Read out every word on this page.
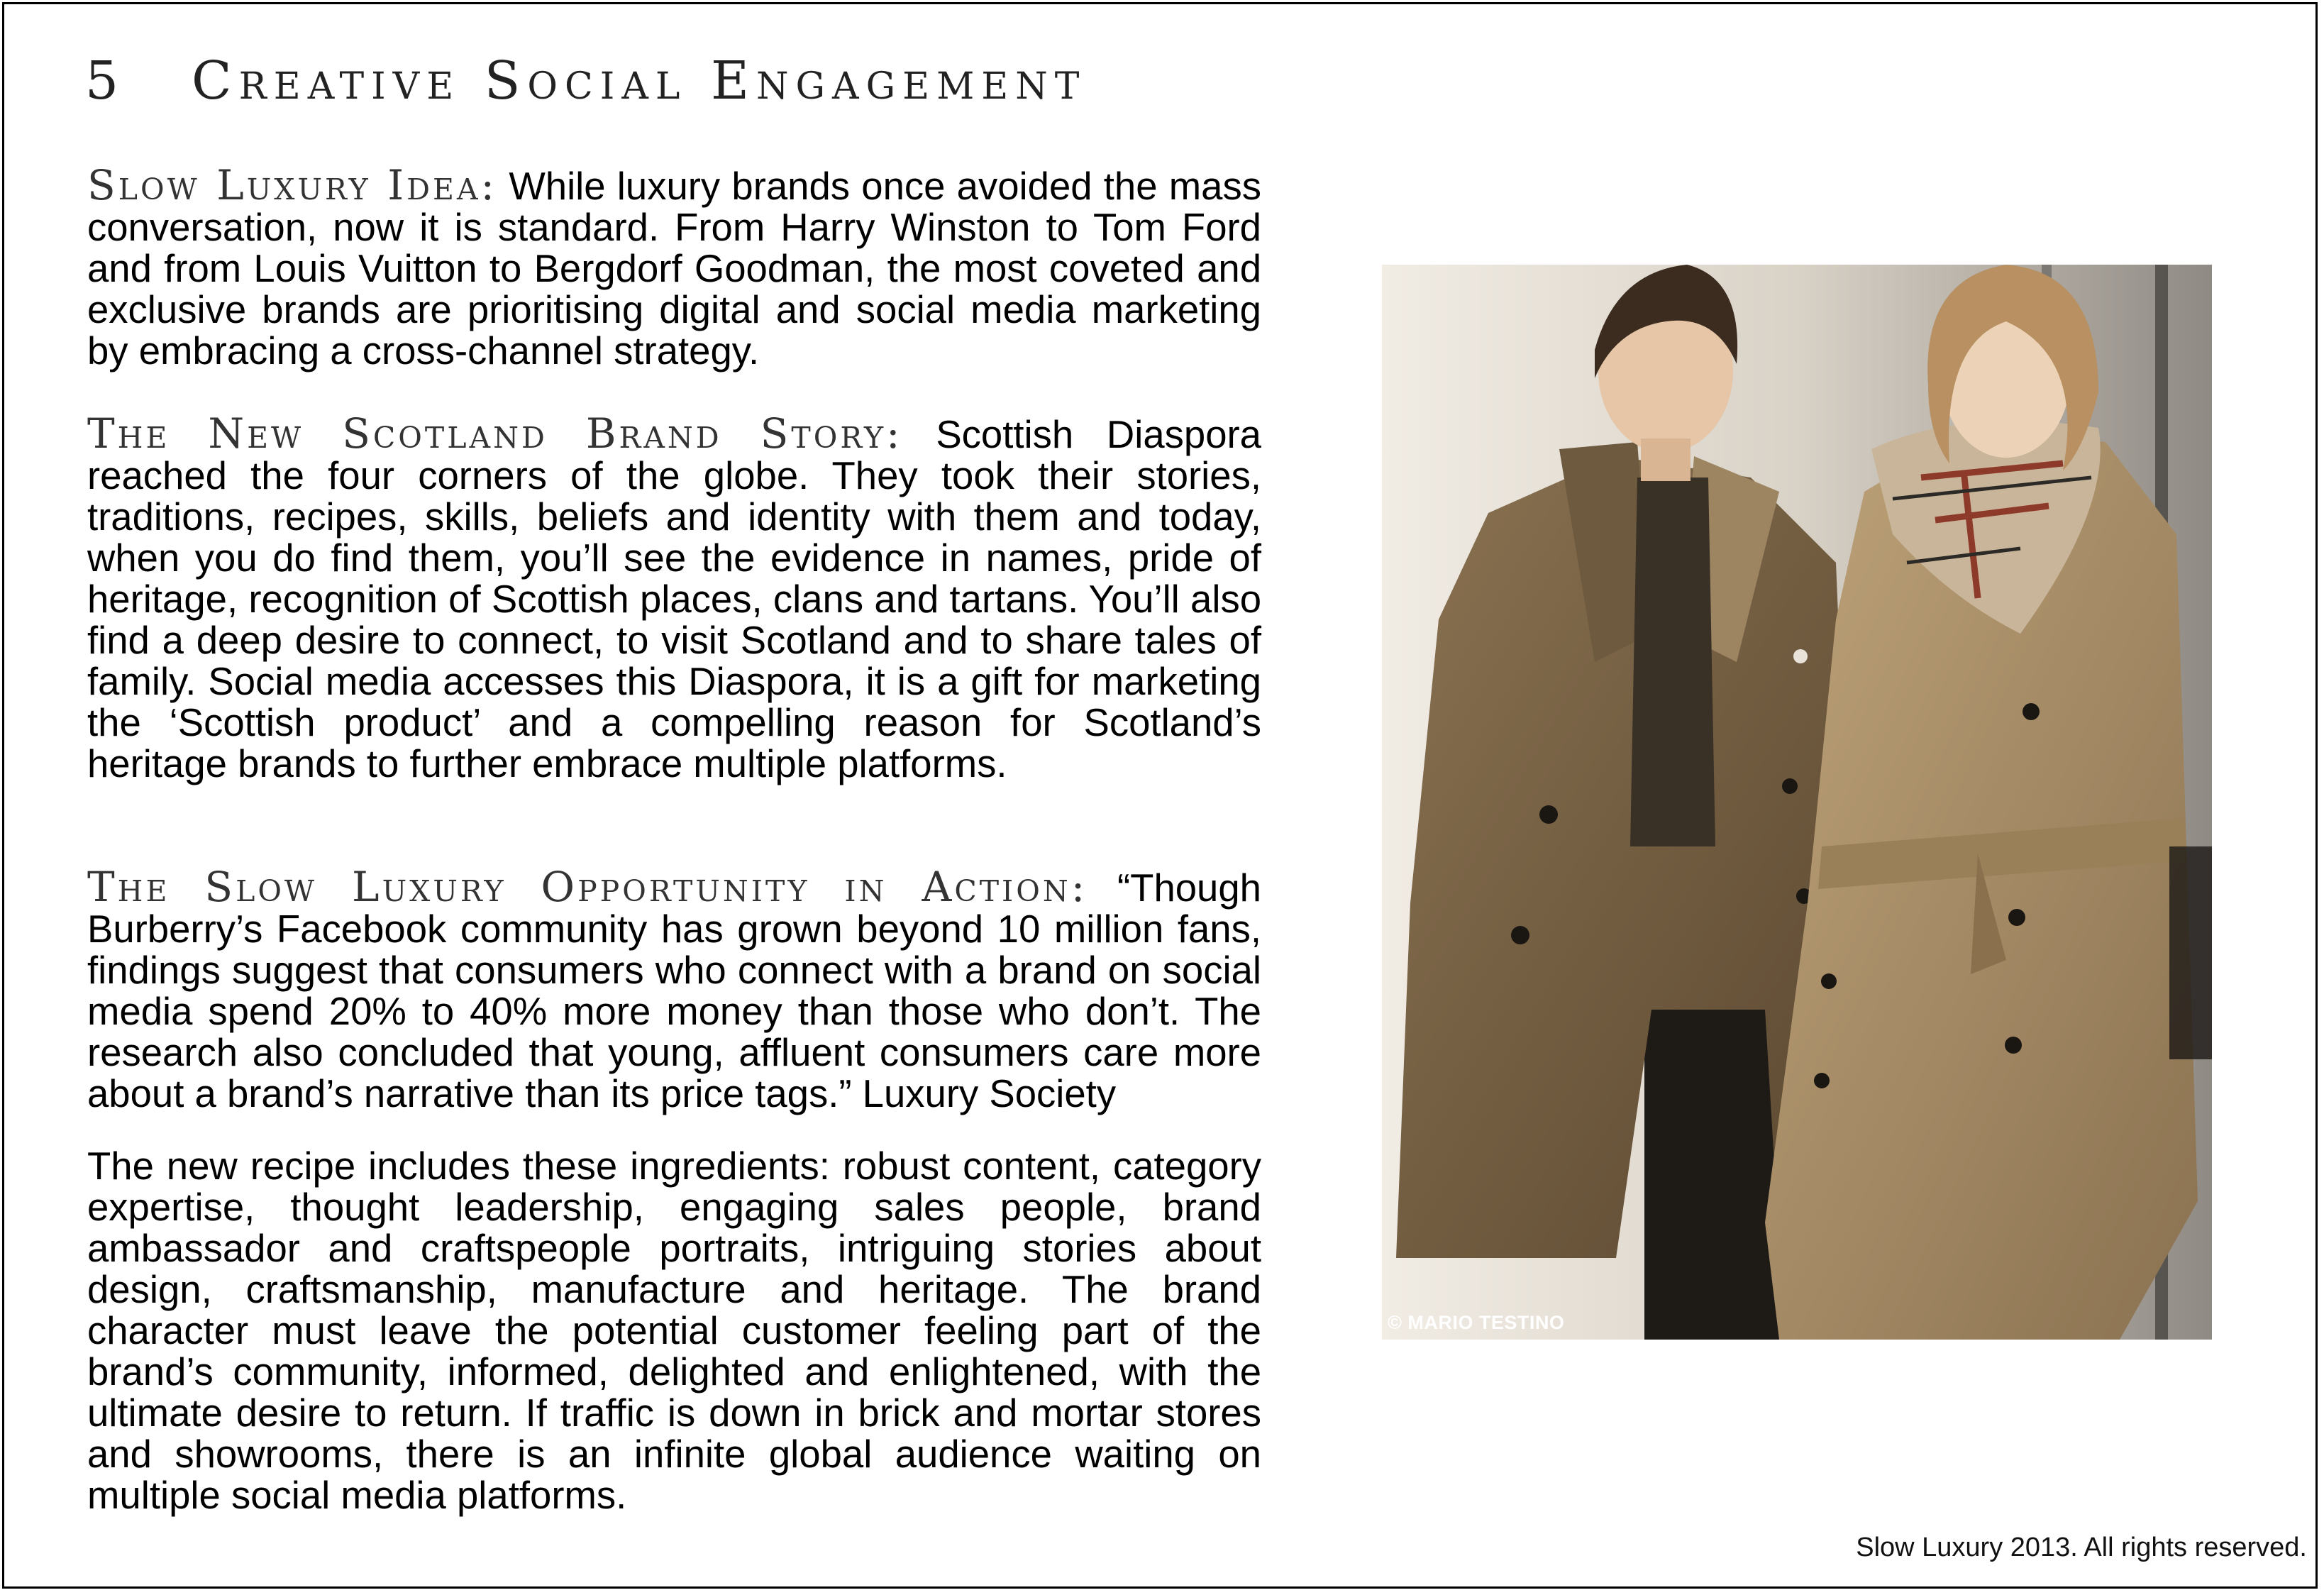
5 Creative Social Engagement

Slow Luxury Idea: While luxury brands once avoided the mass conversation, now it is standard. From Harry Winston to Tom Ford and from Louis Vuitton to Bergdorf Goodman, the most coveted and exclusive brands are prioritising digital and social media marketing by embracing a cross-channel strategy.

The New Scotland Brand Story: Scottish Diaspora reached the four corners of the globe. They took their stories, traditions, recipes, skills, beliefs and identity with them and today, when you do find them, you’ll see the evidence in names, pride of heritage, recognition of Scottish places, clans and tartans. You’ll also find a deep desire to connect, to visit Scotland and to share tales of family. Social media accesses this Diaspora, it is a gift for marketing the ‘Scottish product’ and a compelling reason for Scotland’s heritage brands to further embrace multiple platforms.

The Slow Luxury Opportunity in Action: “Though Burberry’s Facebook community has grown beyond 10 million fans, findings suggest that consumers who connect with a brand on social media spend 20% to 40% more money than those who don’t. The research also concluded that young, affluent consumers care more about a brand’s narrative than its price tags.” Luxury Society

The new recipe includes these ingredients: robust content, category expertise, thought leadership, engaging sales people, brand ambassador and craftspeople portraits, intriguing stories about design, craftsmanship, manufacture and heritage. The brand character must leave the potential customer feeling part of the brand’s community, informed, delighted and enlightened, with the ultimate desire to return. If traffic is down in brick and mortar stores and showrooms, there is an infinite global audience waiting on multiple social media platforms.

© MARIO TESTINO
Slow Luxury 2013. All rights reserved.
